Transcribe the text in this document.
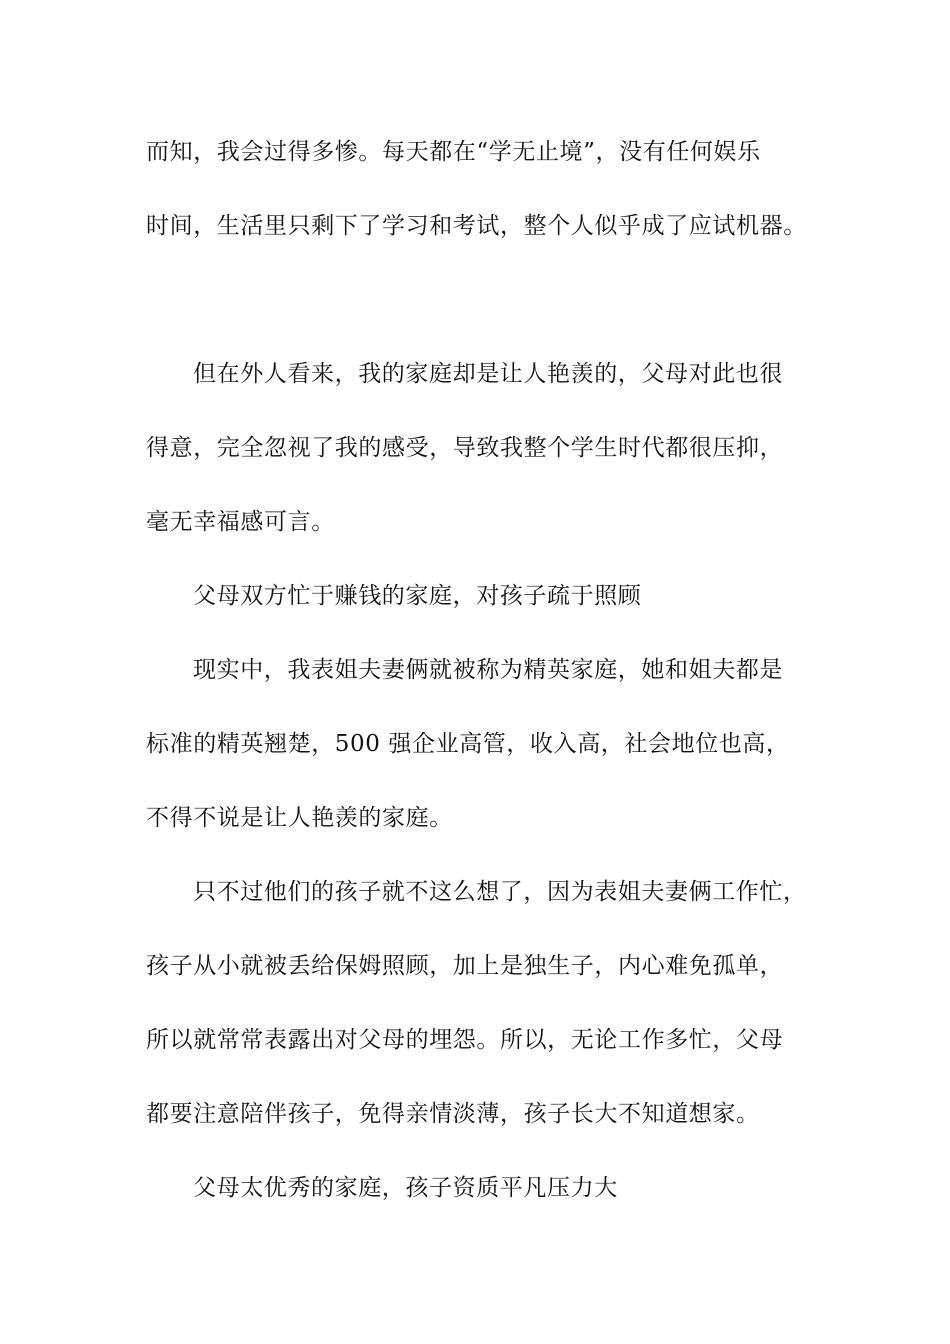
而知，我会过得多惨。每天都在“学无止境”，没有任何娱乐
时间，生活里只剩下了学习和考试，整个人似乎成了应试机器。
但在外人看来，我的家庭却是让人艳羡的，父母对此也很
得意，完全忽视了我的感受，导致我整个学生时代都很压抑，
毫无幸福感可言。
父母双方忙于赚钱的家庭，对孩子疏于照顾
现实中，我表姐夫妻俩就被称为精英家庭，她和姐夫都是
标准的精英翘楚，500 强企业高管，收入高，社会地位也高，
不得不说是让人艳羡的家庭。
只不过他们的孩子就不这么想了，因为表姐夫妻俩工作忙，
孩子从小就被丢给保姆照顾，加上是独生子，内心难免孤单，
所以就常常表露出对父母的埋怨。所以，无论工作多忙，父母
都要注意陪伴孩子，免得亲情淡薄，孩子长大不知道想家。
父母太优秀的家庭，孩子资质平凡压力大
